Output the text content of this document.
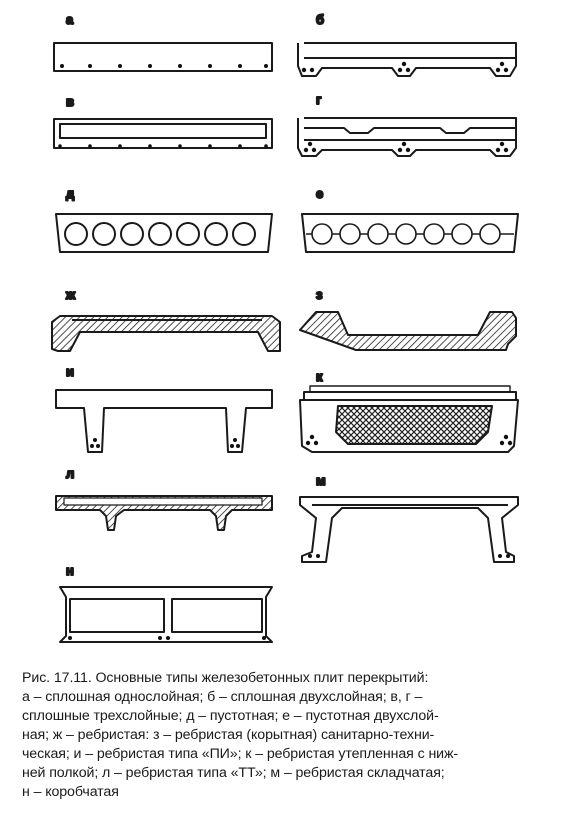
а	б
в	г
д	е
ж	з
и	к
л	м
н
Рис. 17.11. Основные типы железобетонных плит перекрытий:
а – сплошная однослойная; б – сплошная двухслойная; в, г –
сплошные трехслойные; д – пустотная; е – пустотная двухслой-
ная; ж – ребристая: з – ребристая (корытная) санитарно-техни-
ческая; и – ребристая типа «ПИ»; к – ребристая утепленная с ниж-
ней полкой; л – ребристая типа «ТТ»; м – ребристая складчатая;
н – коробчатая
